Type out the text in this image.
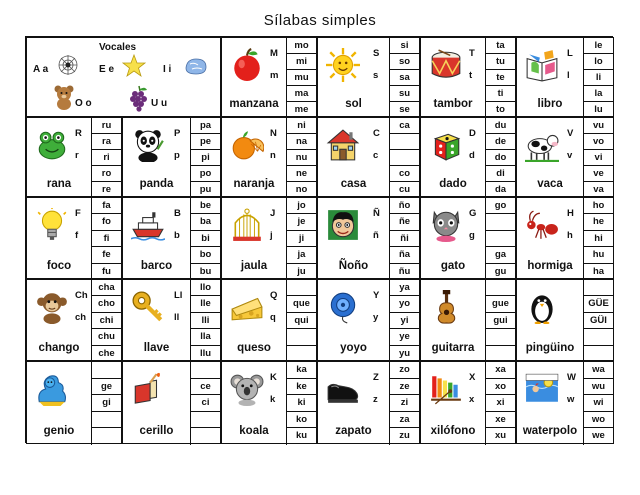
Sílabas simples
Vocales
A a	E e	I i
O o	U u
M
m
manzana
mo
mi
mu
ma
me
S
s
sol
si
so
sa
su
se
T
t
tambor
ta
tu
te
ti
to
L
l
libro
le
lo
li
la
lu
R
r
rana
ru
ra
ri
ro
re
P
p
panda
pa
pe
pi
po
pu
N
n
naranja
ni
na
nu
ne
no
C
c
casa
ca
co
cu
D
d
dado
du
de
do
di
da
V
v
vaca
vu
vo
vi
ve
va
F
f
foco
fa
fo
fi
fe
fu
B
b
barco
be
ba
bi
bo
bu
J
j
jaula
jo
je
ji
ja
ju
Ñ
ñ
Ñoño
ño
ñe
ñi
ña
ñu
G
g
gato
go
ga
gu
H
h
hormiga
ho
he
hi
hu
ha
Ch
ch
chango
cha
cho
chi
chu
che
Ll
ll
llave
llo
lle
lli
lla
llu
Q
q
queso
que
qui
Y
y
yoyo
ya
yo
yi
ye
yu	guitarra
gue
gui
pingüino
GÜE
GÜI
genio
ge
gi
cerillo
ce
ci
K
k
koala
ka
ke
ki
ko
ku
Z
z
zapato
zo
ze
zi
za
zu
X
x
xilófono
xa
xo
xi
xe
xu
W
w
waterpolo
wa
wu
wi
wo
we
